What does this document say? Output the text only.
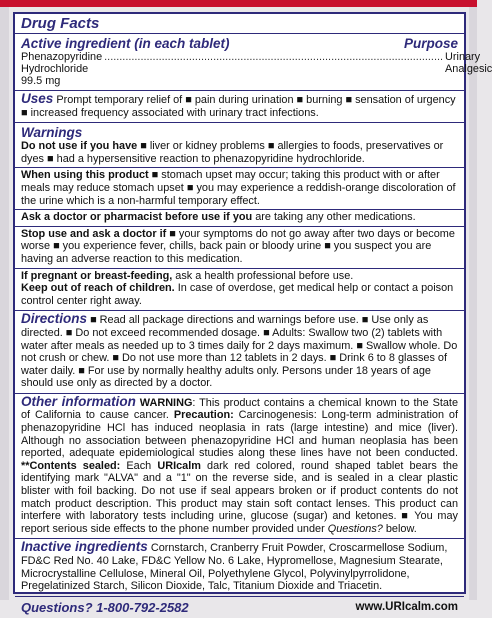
Drug Facts
Active ingredient (in each tablet)	Purpose
Phenazopyridine Hydrochloride 99.5 mg
................................................................................................................ Urinary Analgesic
Uses Prompt temporary relief of ■ pain during urination ■ burning ■ sensation of urgency ■ increased frequency associated with urinary tract infections.
Warnings
Do not use if you have ■ liver or kidney problems ■ allergies to foods, preservatives or dyes ■ had a hypersensitive reaction to phenazopyridine hydrochloride.
When using this product ■ stomach upset may occur; taking this product with or after meals may reduce stomach upset ■ you may experience a reddish-orange discoloration of the urine which is a non-harmful temporary effect.
Ask a doctor or pharmacist before use if you are taking any other medications.
Stop use and ask a doctor if ■ your symptoms do not go away after two days or become worse ■ you experience fever, chills, back pain or bloody urine ■ you suspect you are having an adverse reaction to this medication.
If pregnant or breast-feeding, ask a health professional before use.
Keep out of reach of children. In case of overdose, get medical help or contact a poison control center right away.
Directions ■ Read all package directions and warnings before use. ■ Use only as directed. ■ Do not exceed recommended dosage. ■ Adults: Swallow two (2) tablets with water after meals as needed up to 3 times daily for 2 days maximum. ■ Swallow whole. Do not crush or chew. ■ Do not use more than 12 tablets in 2 days. ■ Drink 6 to 8 glasses of water daily. ■ For use by normally healthy adults only. Persons under 18 years of age should use only as directed by a doctor.
Other information WARNING: This product contains a chemical known to the State of California to cause cancer. Precaution: Carcinogenesis: Long-term administration of phenazopyridine HCl has induced neoplasia in rats (large intestine) and mice (liver). Although no association between phenazopyridine HCl and human neoplasia has been reported, adequate epidemiological studies along these lines have not been conducted. **Contents sealed: Each URIcalm dark red colored, round shaped tablet bears the identifying mark "ALVA" and a "1" on the reverse side, and is sealed in a clear plastic blister with foil backing. Do not use if seal appears broken or if product contents do not match product description. This product may stain soft contact lenses. This product can interfere with laboratory tests including urine, glucose (sugar) and ketones. ■ You may report serious side effects to the phone number provided under Questions? below.
Inactive ingredients Cornstarch, Cranberry Fruit Powder, Croscarmellose Sodium, FD&C Red No. 40 Lake, FD&C Yellow No. 6 Lake, Hypromellose, Magnesium Stearate, Microcrystalline Cellulose, Mineral Oil, Polyethylene Glycol, Polyvinylpyrrolidone, Pregelatinized Starch, Silicon Dioxide, Talc, Titanium Dioxide and Triacetin.
Questions? 1-800-792-2582	www.URIcalm.com
